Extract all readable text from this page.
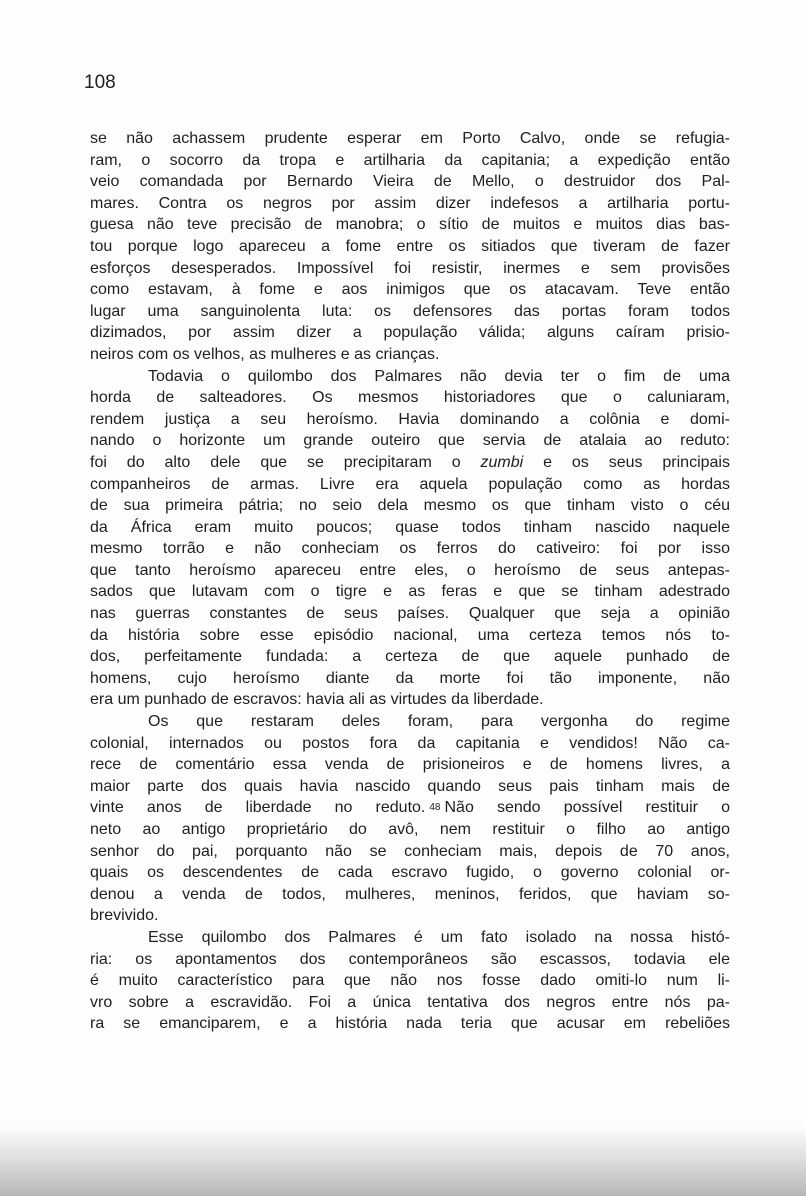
108

se não achassem prudente esperar em Porto Calvo, onde se refugia-
ram, o socorro da tropa e artilharia da capitania; a expedição então
veio comandada por Bernardo Vieira de Mello, o destruidor dos Pal-
mares. Contra os negros por assim dizer indefesos a artilharia portu-
guesa não teve precisão de manobra; o sítio de muitos e muitos dias bas-
tou porque logo apareceu a fome entre os sitiados que tiveram de fazer
esforços desesperados. Impossível foi resistir, inermes e sem provisões
como estavam, à fome e aos inimigos que os atacavam. Teve então
lugar uma sanguinolenta luta: os defensores das portas foram todos
dizimados, por assim dizer a população válida; alguns caíram prisio-
neiros com os velhos, as mulheres e as crianças.

Todavia o quilombo dos Palmares não devia ter o fim de uma
horda de salteadores. Os mesmos historiadores que o caluniaram,
rendem justiça a seu heroísmo. Havia dominando a colônia e domi-
nando o horizonte um grande outeiro que servia de atalaia ao reduto:
foi do alto dele que se precipitaram o zumbi e os seus principais
companheiros de armas. Livre era aquela população como as hordas
de sua primeira pátria; no seio dela mesmo os que tinham visto o céu
da África eram muito poucos; quase todos tinham nascido naquele
mesmo torrão e não conheciam os ferros do cativeiro: foi por isso
que tanto heroísmo apareceu entre eles, o heroísmo de seus antepas-
sados que lutavam com o tigre e as feras e que se tinham adestrado
nas guerras constantes de seus países. Qualquer que seja a opinião
da história sobre esse episódio nacional, uma certeza temos nós to-
dos, perfeitamente fundada: a certeza de que aquele punhado de
homens, cujo heroísmo diante da morte foi tão imponente, não
era um punhado de escravos: havia ali as virtudes da liberdade.

Os que restaram deles foram, para vergonha do regime
colonial, internados ou postos fora da capitania e vendidos! Não ca-
rece de comentário essa venda de prisioneiros e de homens livres, a
maior parte dos quais havia nascido quando seus pais tinham mais de
vinte anos de liberdade no reduto. 48 Não sendo possível restituir o
neto ao antigo proprietário do avô, nem restituir o filho ao antigo
senhor do pai, porquanto não se conheciam mais, depois de 70 anos,
quais os descendentes de cada escravo fugido, o governo colonial or-
denou a venda de todos, mulheres, meninos, feridos, que haviam so-
brevivido.

Esse quilombo dos Palmares é um fato isolado na nossa histó-
ria: os apontamentos dos contemporâneos são escassos, todavia ele
é muito característico para que não nos fosse dado omiti-lo num li-
vro sobre a escravidão. Foi a única tentativa dos negros entre nós pa-
ra se emanciparem, e a história nada teria que acusar em rebeliões
